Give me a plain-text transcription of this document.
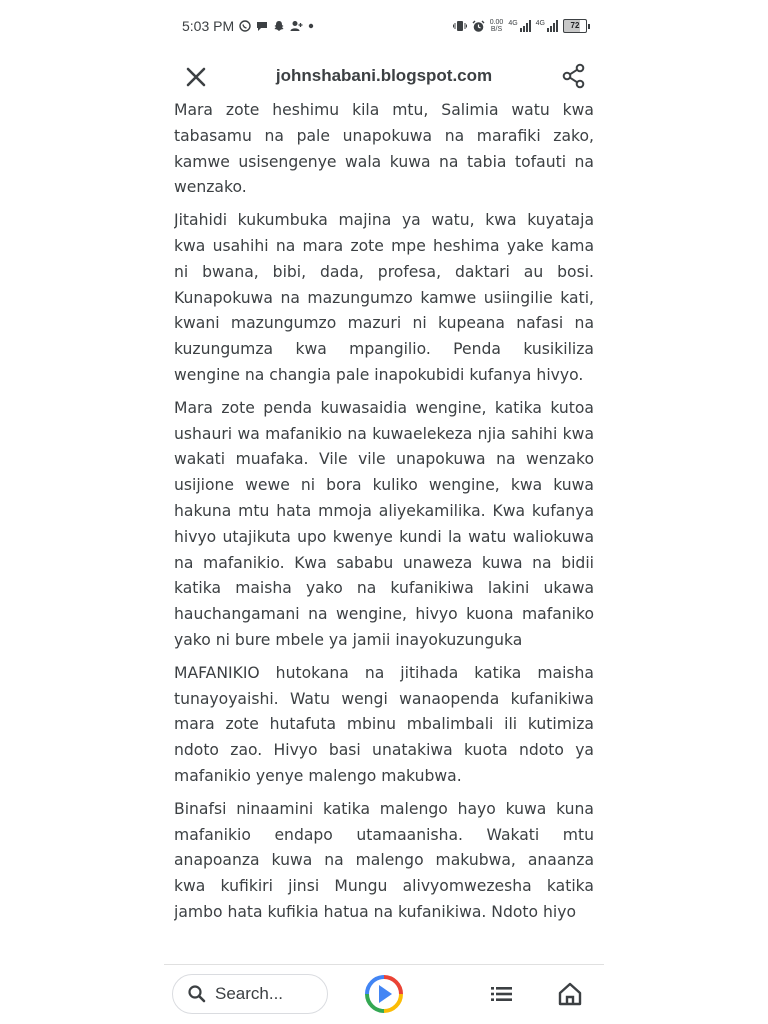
5:03 PM	0.00
B/S
4G	4G	72
johnshabani.blogspot.com

Mara zote heshimu kila mtu, Salimia watu kwa tabasamu na pale unapokuwa na marafiki zako, kamwe usisengenye wala kuwa na tabia tofauti na wenzako.

Jitahidi kukumbuka majina ya watu, kwa kuyataja kwa usahihi na mara zote mpe heshima yake kama ni bwana, bibi, dada, profesa, daktari au bosi. Kunapokuwa na mazungumzo kamwe usiingilie kati, kwani mazungumzo mazuri ni kupeana nafasi na kuzungumza kwa mpangilio. Penda kusikiliza wengine na changia pale inapokubidi kufanya hivyo.

Mara zote penda kuwasaidia wengine, katika kutoa ushauri wa mafanikio na kuwaelekeza njia sahihi kwa wakati muafaka. Vile vile unapokuwa na wenzako usijione wewe ni bora kuliko wengine, kwa kuwa hakuna mtu hata mmoja aliyekamilika. Kwa kufanya hivyo utajikuta upo kwenye kundi la watu waliokuwa na mafanikio. Kwa sababu unaweza kuwa na bidii katika maisha yako na kufanikiwa lakini ukawa hauchangamani na wengine, hivyo kuona mafaniko yako ni bure mbele ya jamii inayokuzunguka

MAFANIKIO hutokana na jitihada katika maisha tunayoyaishi. Watu wengi wanaopenda kufanikiwa mara zote hutafuta mbinu mbalimbali ili kutimiza ndoto zao. Hivyo basi unatakiwa kuota ndoto ya mafanikio yenye malengo makubwa.

Binafsi ninaamini katika malengo hayo kuwa kuna mafanikio endapo utamaanisha. Wakati mtu anapoanza kuwa na malengo makubwa, anaanza kwa kufikiri jinsi Mungu alivyomwezesha katika jambo hata kufikia hatua na kufanikiwa. Ndoto hiyo

Search...
